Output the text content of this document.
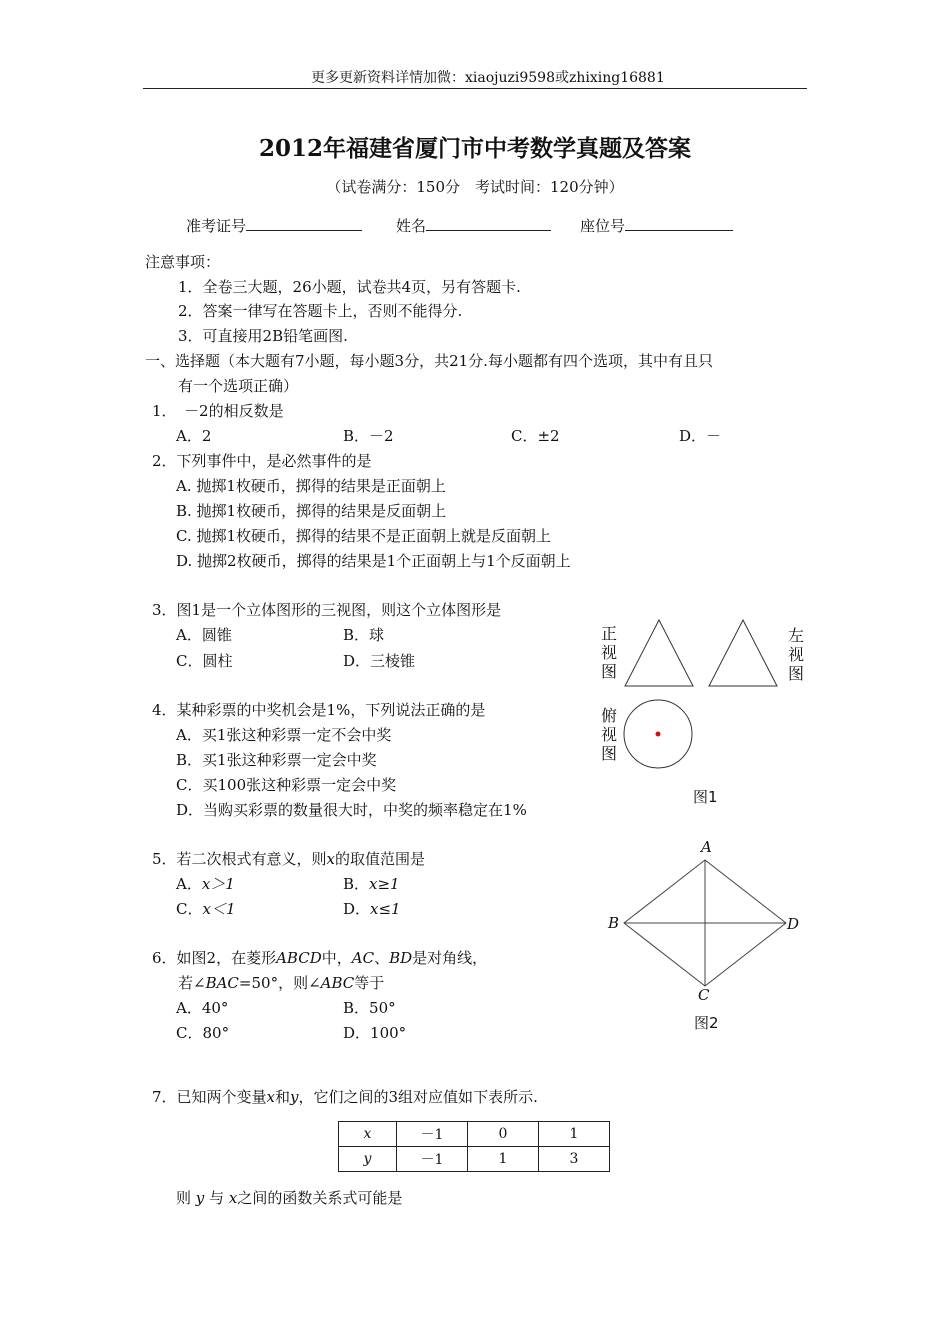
更多更新资料详情加微：xiaojuzi9598或zhixing16881
2012年福建省厦门市中考数学真题及答案
（试卷满分：150分　考试时间：120分钟）
准考证号	姓名	座位号
注意事项：
1．全卷三大题，26小题，试卷共4页，另有答题卡.
2．答案一律写在答题卡上，否则不能得分.
3．可直接用2B铅笔画图.
一、选择题（本大题有7小题，每小题3分，共21分.每小题都有四个选项，其中有且只
有一个选项正确）
1．　－2的相反数是
A．2	B．－2	C．±2	D．－
2．下列事件中，是必然事件的是
A. 抛掷1枚硬币，掷得的结果是正面朝上
B. 抛掷1枚硬币，掷得的结果是反面朝上
C. 抛掷1枚硬币，掷得的结果不是正面朝上就是反面朝上
D. 抛掷2枚硬币，掷得的结果是1个正面朝上与1个反面朝上
3．图1是一个立体图形的三视图，则这个立体图形是
A．圆锥	B．球
C．圆柱	D．三棱锥
正
视
图
左
视
图
俯
视
图
图1
4．某种彩票的中奖机会是1%，下列说法正确的是
A．买1张这种彩票一定不会中奖
B．买1张这种彩票一定会中奖
C．买100张这种彩票一定会中奖
D．当购买彩票的数量很大时，中奖的频率稳定在1%
5．若二次根式有意义，则x的取值范围是
A．x＞1	B．x≥1
C．x＜1	D．x≤1
A
B
C
D
图2
6．如图2，在菱形ABCD中，AC、BD是对角线，
若∠BAC=50°，则∠ABC等于
A．40°	B．50°
C．80°	D．100°
7．已知两个变量x和y，它们之间的3组对应值如下表所示.
x	－1	0	1
y	－1	1	3
则 y 与 x之间的函数关系式可能是
